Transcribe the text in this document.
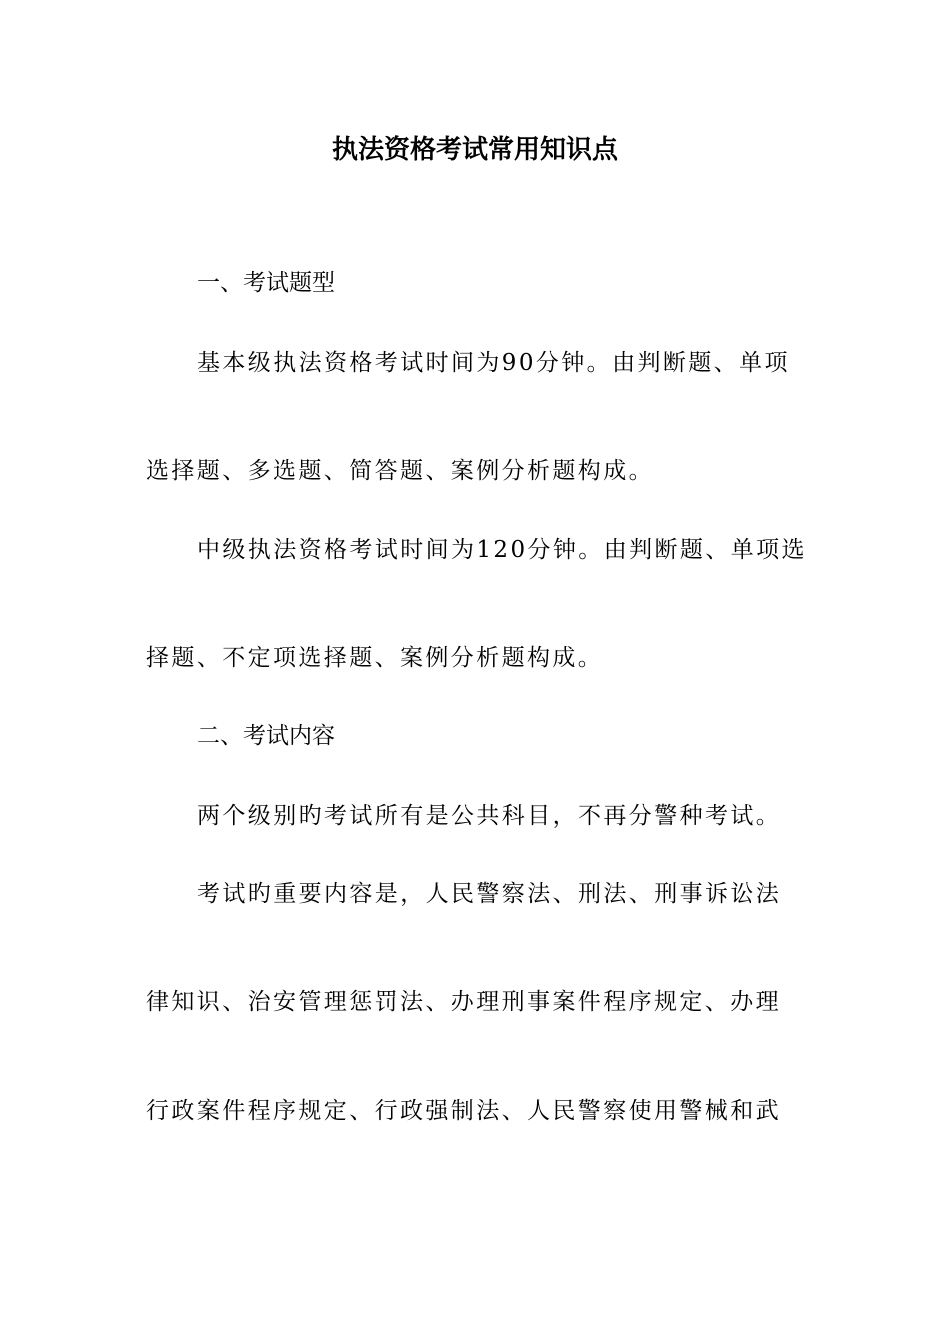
执法资格考试常用知识点
一、考试题型
基本级执法资格考试时间为90分钟。由判断题、单项
选择题、多选题、简答题、案例分析题构成。
中级执法资格考试时间为120分钟。由判断题、单项选
择题、不定项选择题、案例分析题构成。
二、考试内容
两个级别旳考试所有是公共科目，不再分警种考试。
考试旳重要内容是，人民警察法、刑法、刑事诉讼法
律知识、治安管理惩罚法、办理刑事案件程序规定、办理
行政案件程序规定、行政强制法、人民警察使用警械和武
